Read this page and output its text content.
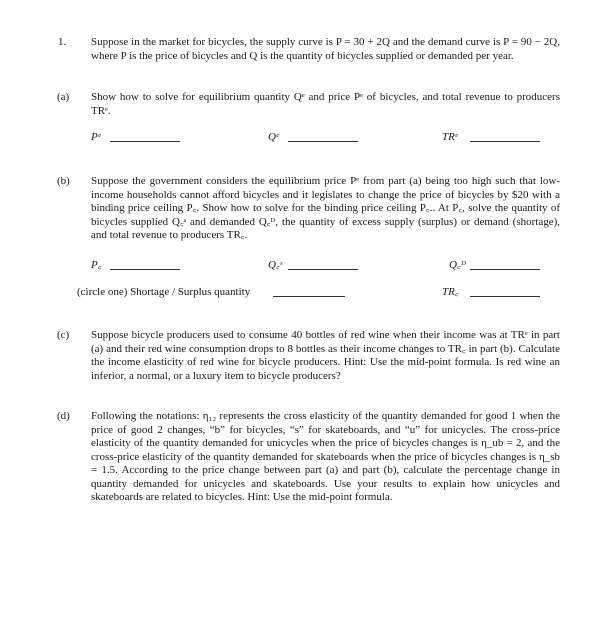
1. Suppose in the market for bicycles, the supply curve is P = 30 + 2Q and the demand curve is P = 90 − 2Q, where P is the price of bicycles and Q is the quantity of bicycles supplied or demanded per year.
(a) Show how to solve for equilibrium quantity Qᵉ and price Pᵉ of bicycles, and total revenue to producers TRᵉ.
Pᵉ	Qᵉ	TRᵉ
(b) Suppose the government considers the equilibrium price Pᵉ from part (a) being too high such that low-income households cannot afford bicycles and it legislates to change the price of bicycles by $20 with a binding price ceiling P꜀. Show how to solve for the binding price ceiling P꜀.. At P꜀, solve the quantity of bicycles supplied Q꜀ˢ and demanded Q꜀ᴰ, the quantity of excess supply (surplus) or demand (shortage), and total revenue to producers TR꜀.
P꜀	Q꜀ˢ	Q꜀ᴰ
(circle one) Shortage / Surplus quantity	TR꜀
(c) Suppose bicycle producers used to consume 40 bottles of red wine when their income was at TRᵉ in part (a) and their red wine consumption drops to 8 bottles as their income changes to TR꜀ in part (b). Calculate the income elasticity of red wine for bicycle producers. Hint: Use the mid-point formula. Is red wine an inferior, a normal, or a luxury item to bicycle producers?
(d) Following the notations: η₁₂ represents the cross elasticity of the quantity demanded for good 1 when the price of good 2 changes, “b” for bicycles, “s” for skateboards, and “u” for unicycles. The cross-price elasticity of the quantity demanded for unicycles when the price of bicycles changes is η_ub = 2, and the cross-price elasticity of the quantity demanded for skateboards when the price of bicycles changes is η_sb = 1.5. According to the price change between part (a) and part (b), calculate the percentage change in quantity demanded for unicycles and skateboards. Use your results to explain how unicycles and skateboards are related to bicycles. Hint: Use the mid-point formula.
